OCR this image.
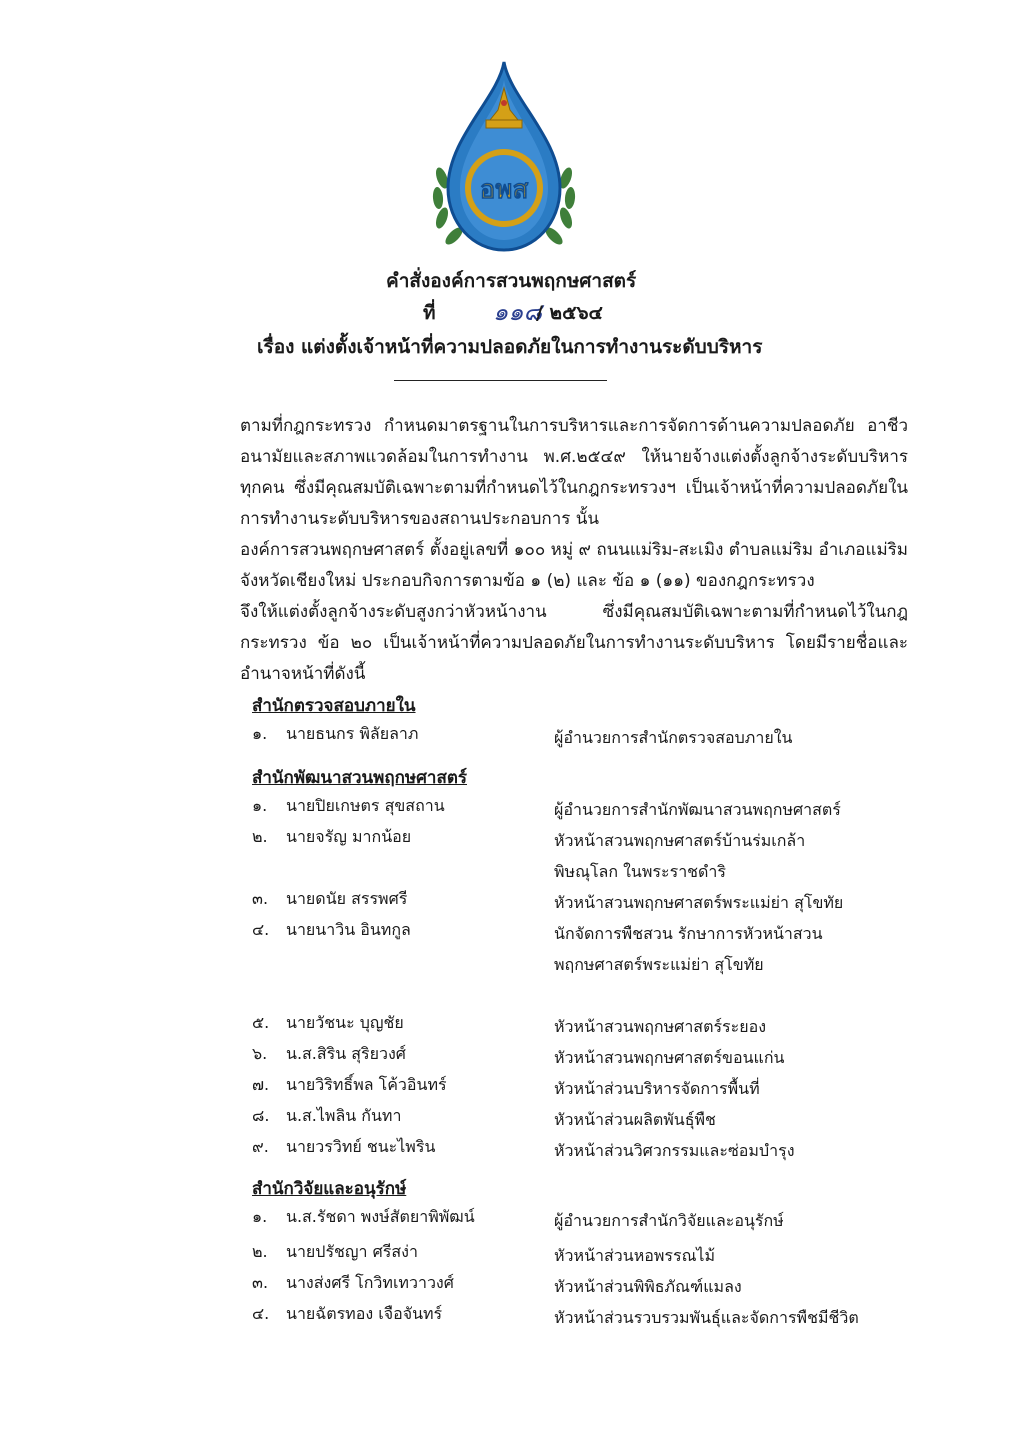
อพส
คำสั่งองค์การสวนพฤกษศาสตร์
ที่ ๑๑๘
/ ๒๕๖๔
เรื่อง แต่งตั้งเจ้าหน้าที่ความปลอดภัยในการทำงานระดับบริหาร

ตามที่กฎกระทรวง กำหนดมาตรฐานในการบริหารและการจัดการด้านความปลอดภัย อาชีวอนามัยและสภาพแวดล้อมในการทำงาน พ.ศ.๒๕๔๙ ให้นายจ้างแต่งตั้งลูกจ้างระดับบริหารทุกคน ซึ่งมีคุณสมบัติเฉพาะตามที่กำหนดไว้ในกฎกระทรวงฯ เป็นเจ้าหน้าที่ความปลอดภัยในการทำงานระดับบริหารของสถานประกอบการ นั้น

องค์การสวนพฤกษศาสตร์ ตั้งอยู่เลขที่ ๑๐๐ หมู่ ๙ ถนนแม่ริม-สะเมิง ตำบลแม่ริม อำเภอแม่ริม จังหวัดเชียงใหม่ ประกอบกิจการตามข้อ ๑ (๒) และ ข้อ ๑ (๑๑) ของกฎกระทรวง

จึงให้แต่งตั้งลูกจ้างระดับสูงกว่าหัวหน้างาน ซึ่งมีคุณสมบัติเฉพาะตามที่กำหนดไว้ในกฎกระทรวง ข้อ ๒๐ เป็นเจ้าหน้าที่ความปลอดภัยในการทำงานระดับบริหาร โดยมีรายชื่อและอำนาจหน้าที่ดังนี้

สำนักตรวจสอบภายใน
๑.	นายธนกร พิลัยลาภ	ผู้อำนวยการสำนักตรวจสอบภายใน
สำนักพัฒนาสวนพฤกษศาสตร์
๑.	นายปิยเกษตร สุขสถาน	ผู้อำนวยการสำนักพัฒนาสวนพฤกษศาสตร์
๒.	นายจรัญ มากน้อย	หัวหน้าสวนพฤกษศาสตร์บ้านร่มเกล้า พิษณุโลก ในพระราชดำริ
๓.	นายดนัย สรรพศรี	หัวหน้าสวนพฤกษศาสตร์พระแม่ย่า สุโขทัย
๔.	นายนาวิน อินทกูล	นักจัดการพืชสวน รักษาการหัวหน้าสวนพฤกษศาสตร์พระแม่ย่า สุโขทัย
๕.	นายวัชนะ บุญชัย	หัวหน้าสวนพฤกษศาสตร์ระยอง
๖.	น.ส.สิริน สุริยวงศ์	หัวหน้าสวนพฤกษศาสตร์ขอนแก่น
๗.	นายวิริทธิ์พล โค้วอินทร์	หัวหน้าส่วนบริหารจัดการพื้นที่
๘.	น.ส.ไพลิน กันทา	หัวหน้าส่วนผลิตพันธุ์พืช
๙.	นายวรวิทย์ ชนะไพริน	หัวหน้าส่วนวิศวกรรมและซ่อมบำรุง
สำนักวิจัยและอนุรักษ์
๑.	น.ส.รัชดา พงษ์สัตยาพิพัฒน์	ผู้อำนวยการสำนักวิจัยและอนุรักษ์
๒.	นายปรัชญา ศรีสง่า	หัวหน้าส่วนหอพรรณไม้
๓.	นางส่งศรี โกวิทเทวาวงศ์	หัวหน้าส่วนพิพิธภัณฑ์แมลง
๔.	นายฉัตรทอง เจือจันทร์	หัวหน้าส่วนรวบรวมพันธุ์และจัดการพืชมีชีวิต
